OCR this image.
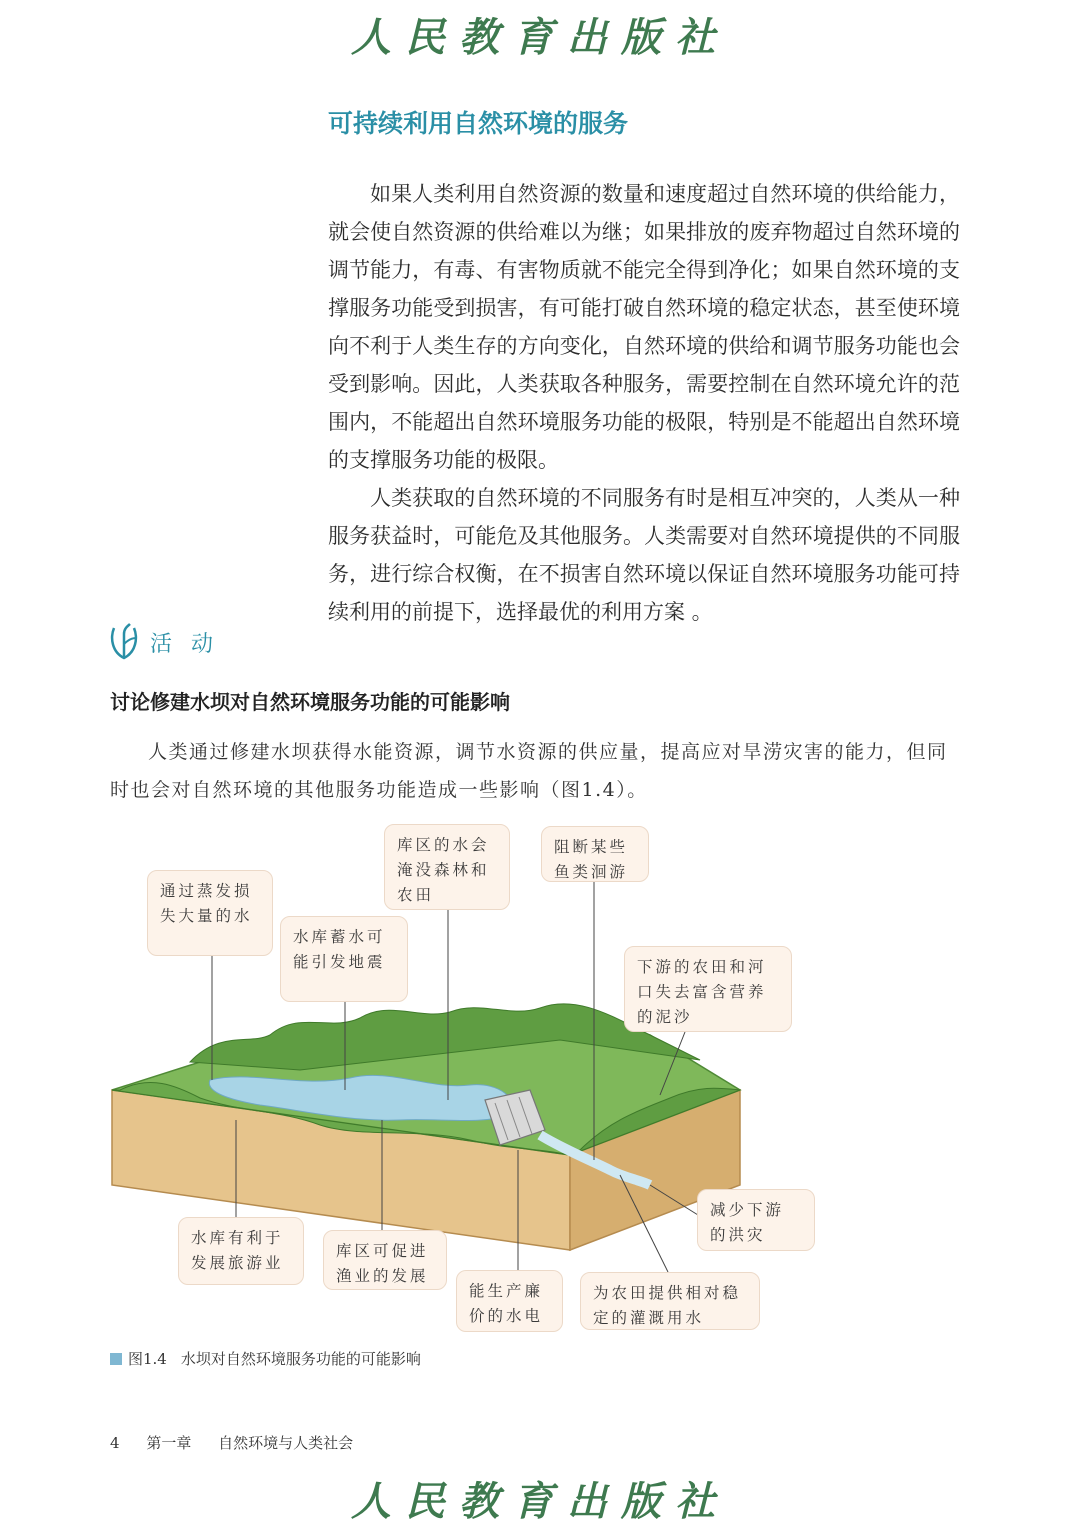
人民教育出版社
可持续利用自然环境的服务

如果人类利用自然资源的数量和速度超过自然环境的供给能力，就会使自然资源的供给难以为继；如果排放的废弃物超过自然环境的调节能力，有毒、有害物质就不能完全得到净化；如果自然环境的支撑服务功能受到损害，有可能打破自然环境的稳定状态，甚至使环境向不利于人类生存的方向变化，自然环境的供给和调节服务功能也会受到影响。因此，人类获取各种服务，需要控制在自然环境允许的范围内，不能超出自然环境服务功能的极限，特别是不能超出自然环境的支撑服务功能的极限。

人类获取的自然环境的不同服务有时是相互冲突的，人类从一种服务获益时，可能危及其他服务。人类需要对自然环境提供的不同服务，进行综合权衡，在不损害自然环境以保证自然环境服务功能可持续利用的前提下，选择最优的利用方案 。

活 动
讨论修建水坝对自然环境服务功能的可能影响

人类通过修建水坝获得水能资源，调节水资源的供应量，提高应对旱涝灾害的能力，但同时也会对自然环境的其他服务功能造成一些影响（图1.4）。

通过蒸发损失大量的水
水库蓄水可能引发地震
库区的水会淹没森林和农田
阻断某些鱼类洄游
下游的农田和河口失去富含营养的泥沙
减少下游的洪灾
水库有利于发展旅游业
库区可促进渔业的发展
能生产廉价的水电
为农田提供相对稳定的灌溉用水
图1.4 水坝对自然环境服务功能的可能影响
4 第一章 自然环境与人类社会
人民教育出版社
